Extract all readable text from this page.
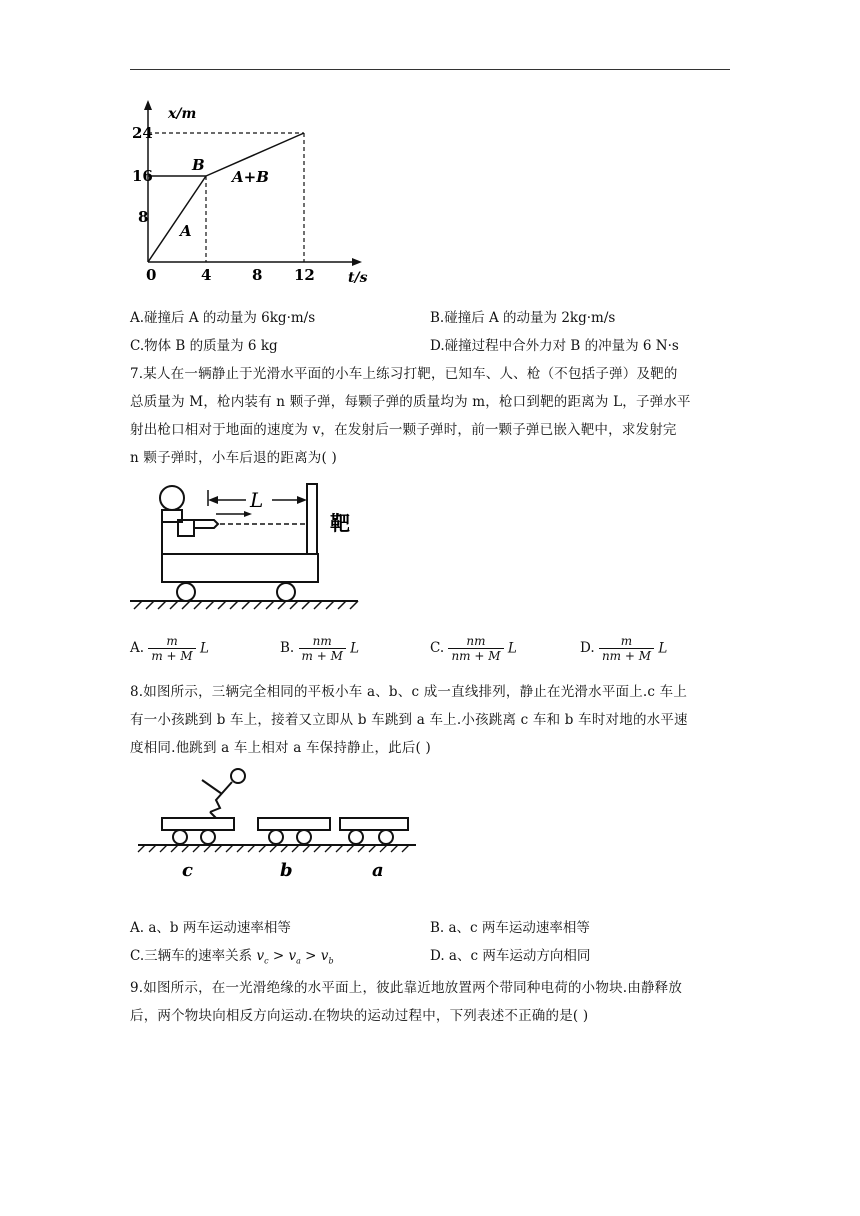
x/m
t/s
24
16
8
0	4	8 12
B
A
A+B
A.碰撞后 A 的动量为 6kg·m/s	B.碰撞后 A 的动量为 2kg·m/s
C.物体 B 的质量为 6 kg	D.碰撞过程中合外力对 B 的冲量为 6 N·s
7.某人在一辆静止于光滑水平面的小车上练习打靶，已知车、人、枪（不包括子弹）及靶的
总质量为 M，枪内装有 n 颗子弹，每颗子弹的质量均为 m，枪口到靶的距离为 L，子弹水平
射出枪口相对于地面的速度为 v，在发射后一颗子弹时，前一颗子弹已嵌入靶中，求发射完
n 颗子弹时，小车后退的距离为( )
L
靶
A. $\frac{m}{m + M}$ L	B. $\frac{nm}{m + M}$ L	C. $\frac{nm}{nm + M}$ L	D. $\frac{m}{nm + M}$ L
8.如图所示，三辆完全相同的平板小车 a、b、c 成一直线排列，静止在光滑水平面上.c 车上
有一小孩跳到 b 车上，接着又立即从 b 车跳到 a 车上.小孩跳离 c 车和 b 车时对地的水平速
度相同.他跳到 a 车上相对 a 车保持静止，此后( )
c	b	a
A. a、b 两车运动速率相等	B. a、c 两车运动速率相等
C.三辆车的速率关系 $v_c > v_a > v_b$	D. a、c 两车运动方向相同
9.如图所示，在一光滑绝缘的水平面上，彼此靠近地放置两个带同种电荷的小物块.由静释放
后，两个物块向相反方向运动.在物块的运动过程中，下列表述不正确的是( )
